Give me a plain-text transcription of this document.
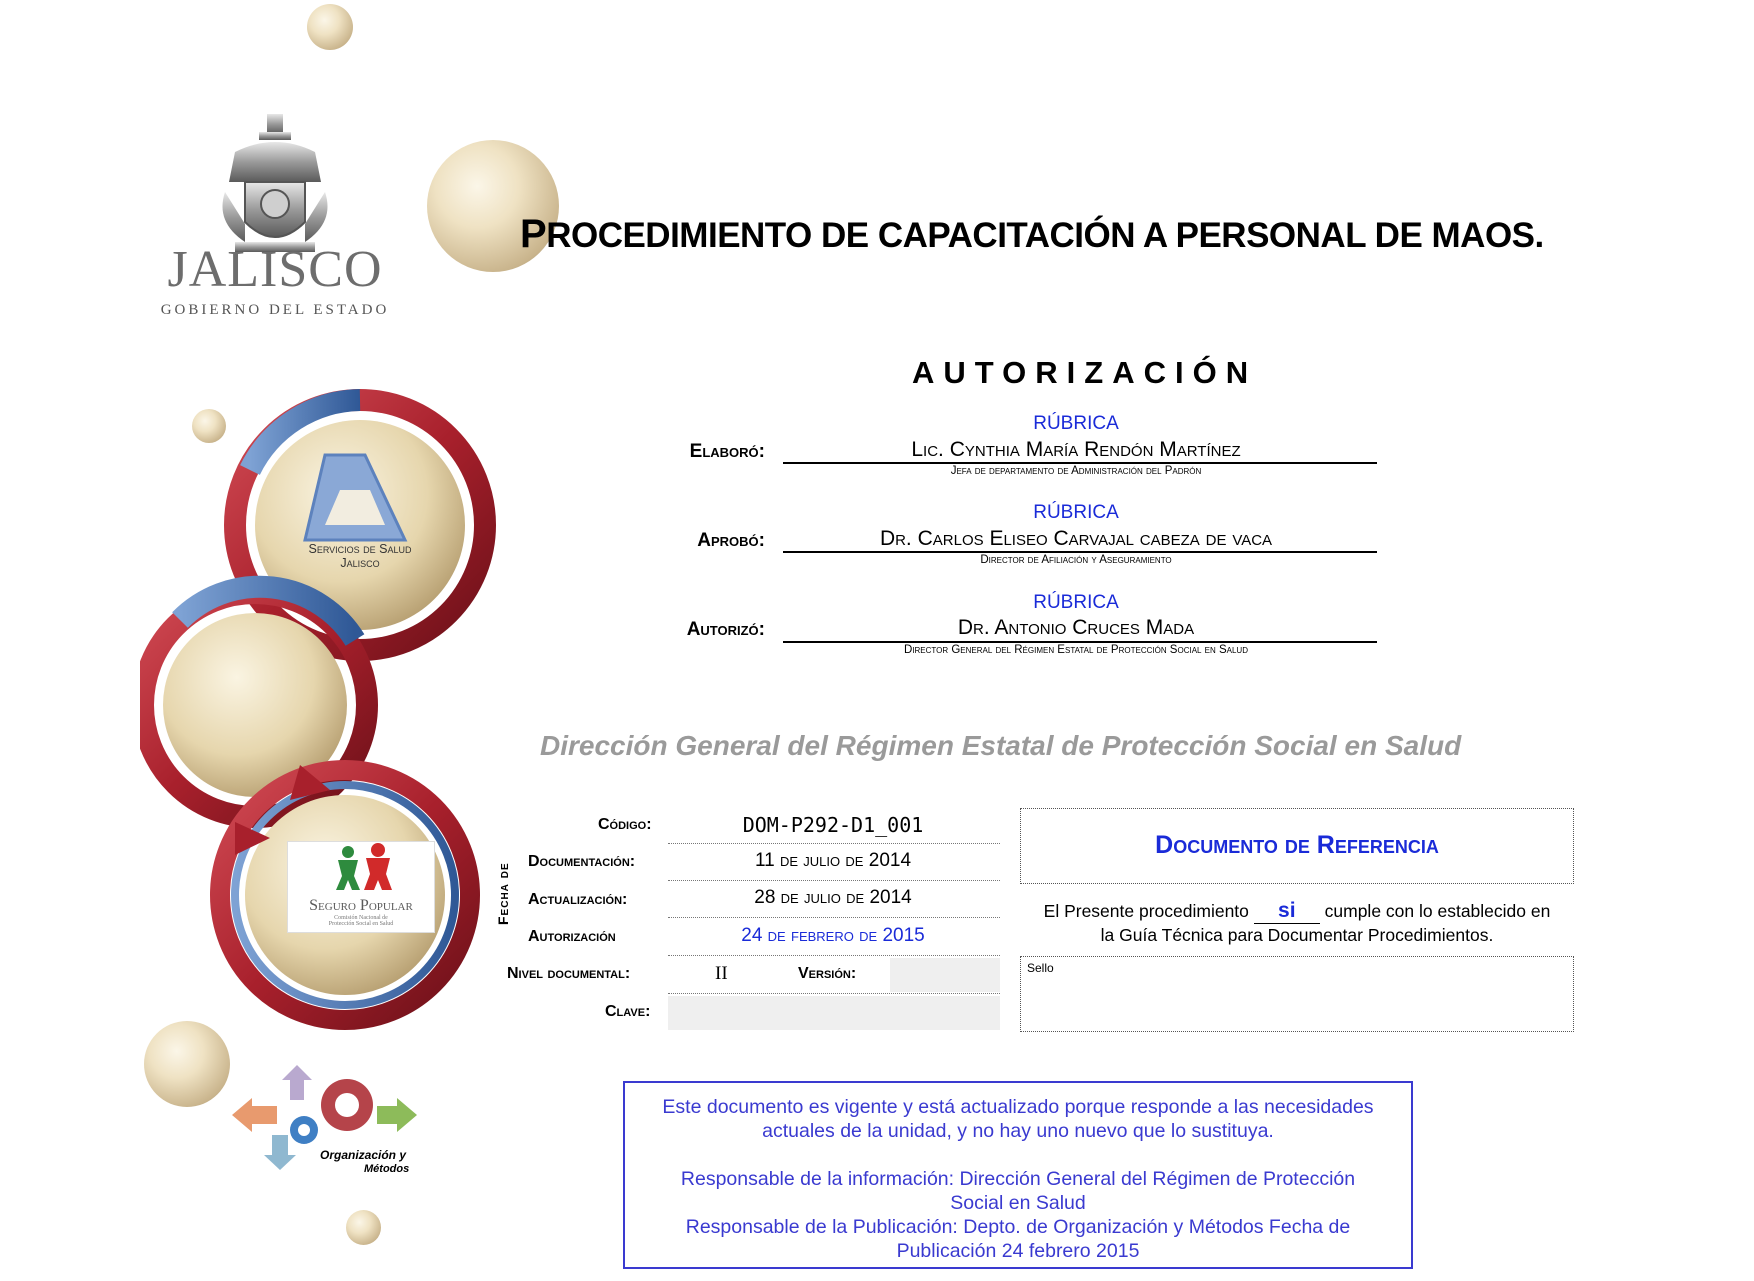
JALISCO
GOBIERNO DEL ESTADO
PROCEDIMIENTO DE CAPACITACIÓN A PERSONAL DE MAOS.
Servicios de Salud
Jalisco
Seguro Popular
Comisión Nacional de
Protección Social en Salud
Organización y
Métodos
AUTORIZACIÓN
RÚBRICA
Elaboró:	Lic. Cynthia María Rendón Martínez
Jefa de departamento de Administración del Padrón
RÚBRICA
Aprobó:	Dr. Carlos Eliseo Carvajal cabeza de vaca
Director de Afiliación y Aseguramiento
RÚBRICA
Autorizó:	Dr. Antonio Cruces Mada
Director General del Régimen Estatal de Protección Social en Salud
Dirección General del Régimen Estatal de Protección Social en Salud
Código:	DOM-P292-D1_001
Fecha de
Documentación:	11 de julio de 2014
Actualización:	28 de julio de 2014
Autorización	24 de febrero de 2015
Nivel documental:	II	Versión:
Clave:
Documento de Referencia
El Presente procedimiento si cumple con lo establecido en
la Guía Técnica para Documentar Procedimientos.
Sello

Este documento es vigente y está actualizado porque responde a las necesidades

actuales de la unidad, y no hay uno nuevo que lo sustituya.

Responsable de la información: Dirección General del Régimen de Protección

Social en Salud

Responsable de la Publicación: Depto. de Organización y Métodos Fecha de

Publicación 24 febrero 2015
